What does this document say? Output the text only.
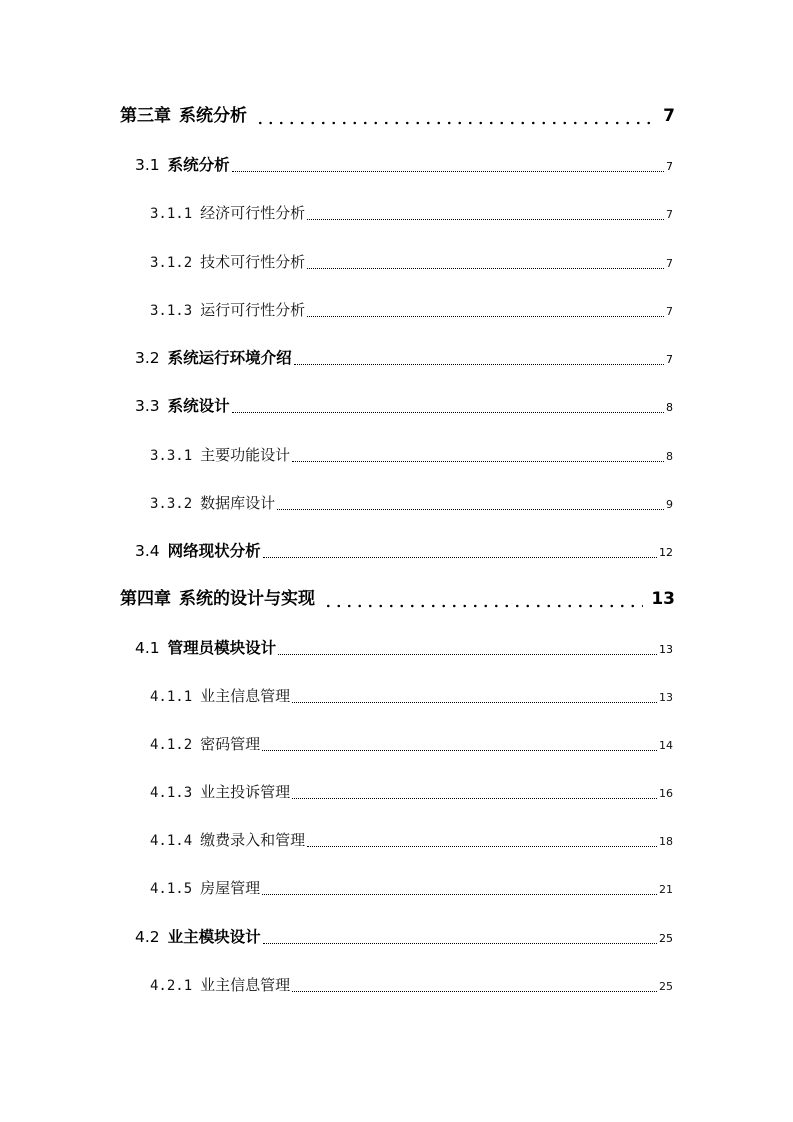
第三章 系统分析	7
3.1 系统分析	7
3.1.1 经济可行性分析	7
3.1.2 技术可行性分析	7
3.1.3 运行可行性分析	7
3.2 系统运行环境介绍	7
3.3 系统设计	8
3.3.1 主要功能设计	8
3.3.2 数据库设计	9
3.4 网络现状分析	12
第四章 系统的设计与实现	13
4.1 管理员模块设计	13
4.1.1 业主信息管理	13
4.1.2 密码管理	14
4.1.3 业主投诉管理	16
4.1.4 缴费录入和管理	18
4.1.5 房屋管理	21
4.2 业主模块设计	25
4.2.1 业主信息管理	25
